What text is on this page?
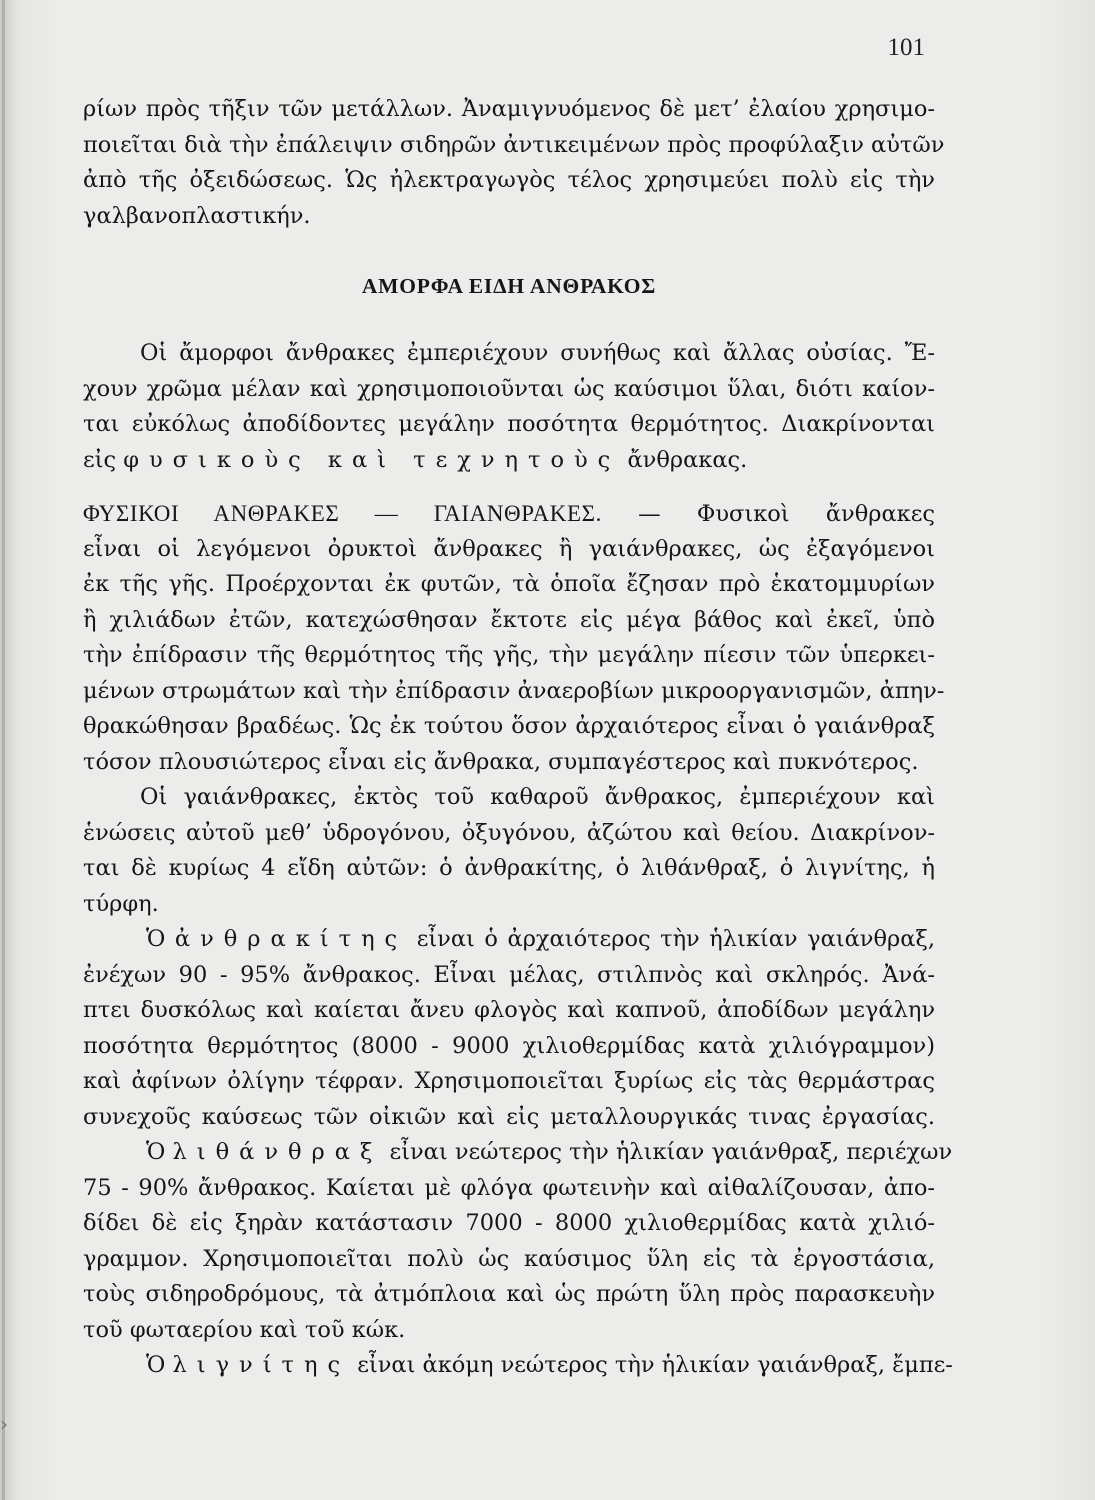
›
101
ρίων πρὸς τῆξιν τῶν μετάλλων. Ἀναμιγνυόμενος δὲ μετ’ ἐλαίου χρησιμο-
ποιεῖται διὰ τὴν ἐπάλειψιν σιδηρῶν ἀντικειμένων πρὸς προφύλαξιν αὐτῶν
ἀπὸ τῆς ὀξειδώσεως. Ὡς ἠλεκτραγωγὸς τέλος χρησιμεύει πολὺ εἰς τὴν
γαλβανοπλαστικήν.
ΑΜΟΡΦΑ ΕΙΔΗ ΑΝΘΡΑΚΟΣ
Οἱ ἄμορφοι ἄνθρακες ἐμπεριέχουν συνήθως καὶ ἄλλας οὐσίας. Ἔ-
χουν χρῶμα μέλαν καὶ χρησιμοποιοῦνται ὡς καύσιμοι ὕλαι, διότι καίον-
ται εὐκόλως ἀποδίδοντες μεγάλην ποσότητα θερμότητος. Διακρίνονται
εἰς φυσικοὺς καὶ τεχνητοὺς ἄνθρακας.
ΦΥΣΙΚΟΙ ΑΝΘΡΑΚΕΣ — ΓΑΙΑΝΘΡΑΚΕΣ. — Φυσικοὶ ἄνθρακες
εἶναι οἱ λεγόμενοι ὀρυκτοὶ ἄνθρακες ἢ γαιάνθρακες, ὡς ἐξαγόμενοι
ἐκ τῆς γῆς. Προέρχονται ἐκ φυτῶν, τὰ ὁποῖα ἔζησαν πρὸ ἑκατομμυρίων
ἢ χιλιάδων ἐτῶν, κατεχώσθησαν ἔκτοτε εἰς μέγα βάθος καὶ ἐκεῖ, ὑπὸ
τὴν ἐπίδρασιν τῆς θερμότητος τῆς γῆς, τὴν μεγάλην πίεσιν τῶν ὑπερκει-
μένων στρωμάτων καὶ τὴν ἐπίδρασιν ἀναεροβίων μικροοργανισμῶν, ἀπην-
θρακώθησαν βραδέως. Ὡς ἐκ τούτου ὅσον ἀρχαιότερος εἶναι ὁ γαιάνθραξ
τόσον πλουσιώτερος εἶναι εἰς ἄνθρακα, συμπαγέστερος καὶ πυκνότερος.
Οἱ γαιάνθρακες, ἐκτὸς τοῦ καθαροῦ ἄνθρακος, ἐμπεριέχουν καὶ
ἑνώσεις αὐτοῦ μεθ’ ὑδρογόνου, ὀξυγόνου, ἀζώτου καὶ θείου. Διακρίνον-
ται δὲ κυρίως 4 εἴδη αὐτῶν: ὁ ἀνθρακίτης, ὁ λιθάνθραξ, ὁ λιγνίτης, ἡ
τύρφη.
Ὁ ἀνθρακίτης εἶναι ὁ ἀρχαιότερος τὴν ἡλικίαν γαιάνθραξ,
ἐνέχων 90 - 95% ἄνθρακος. Εἶναι μέλας, στιλπνὸς καὶ σκληρός. Ἀνά-
πτει δυσκόλως καὶ καίεται ἄνευ φλογὸς καὶ καπνοῦ, ἀποδίδων μεγάλην
ποσότητα θερμότητος (8000 - 9000 χιλιοθερμίδας κατὰ χιλιόγραμμον)
καὶ ἀφίνων ὀλίγην τέφραν. Χρησιμοποιεῖται ξυρίως εἰς τὰς θερμάστρας
συνεχοῦς καύσεως τῶν οἰκιῶν καὶ εἰς μεταλλουργικάς τινας ἐργασίας.
Ὁ λιθάνθραξ εἶναι νεώτερος τὴν ἡλικίαν γαιάνθραξ, περιέχων
75 - 90% ἄνθρακος. Καίεται μὲ φλόγα φωτεινὴν καὶ αἰθαλίζουσαν, ἀπο-
δίδει δὲ εἰς ξηρὰν κατάστασιν 7000 - 8000 χιλιοθερμίδας κατὰ χιλιό-
γραμμον. Χρησιμοποιεῖται πολὺ ὡς καύσιμος ὕλη εἰς τὰ ἐργοστάσια,
τοὺς σιδηροδρόμους, τὰ ἀτμόπλοια καὶ ὡς πρώτη ὕλη πρὸς παρασκευὴν
τοῦ φωταερίου καὶ τοῦ κώκ.
Ὁ λιγνίτης εἶναι ἀκόμη νεώτερος τὴν ἡλικίαν γαιάνθραξ, ἔμπε-
